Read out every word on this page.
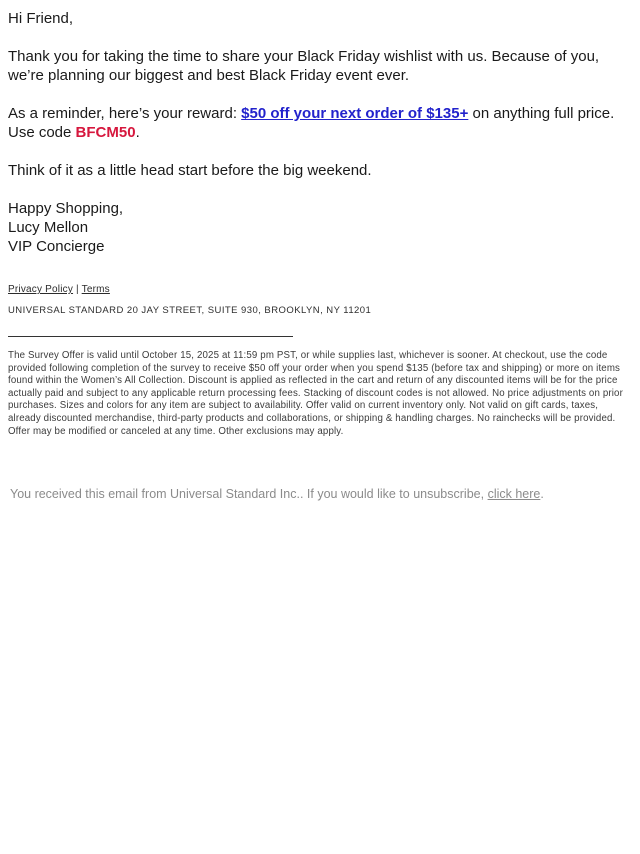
Hi Friend,

Thank you for taking the time to share your Black Friday wishlist with us. Because of you, we’re planning our biggest and best Black Friday event ever.

As a reminder, here’s your reward: $50 off your next order of $135+ on anything full price. Use code BFCM50.

Think of it as a little head start before the big weekend.

Happy Shopping,
Lucy Mellon
VIP Concierge

Privacy Policy | Terms

UNIVERSAL STANDARD 20 JAY STREET, SUITE 930, BROOKLYN, NY 11201

The Survey Offer is valid until October 15, 2025 at 11:59 pm PST, or while supplies last, whichever is sooner. At checkout, use the code provided following completion of the survey to receive $50 off your order when you spend $135 (before tax and shipping) or more on items found within the Women’s All Collection. Discount is applied as reflected in the cart and return of any discounted items will be for the price actually paid and subject to any applicable return processing fees. Stacking of discount codes is not allowed. No price adjustments on prior purchases. Sizes and colors for any item are subject to availability. Offer valid on current inventory only. Not valid on gift cards, taxes, already discounted merchandise, third-party products and collaborations, or shipping & handling charges. No rainchecks will be provided. Offer may be modified or canceled at any time. Other exclusions may apply.

You received this email from Universal Standard Inc.. If you would like to unsubscribe, click here.
